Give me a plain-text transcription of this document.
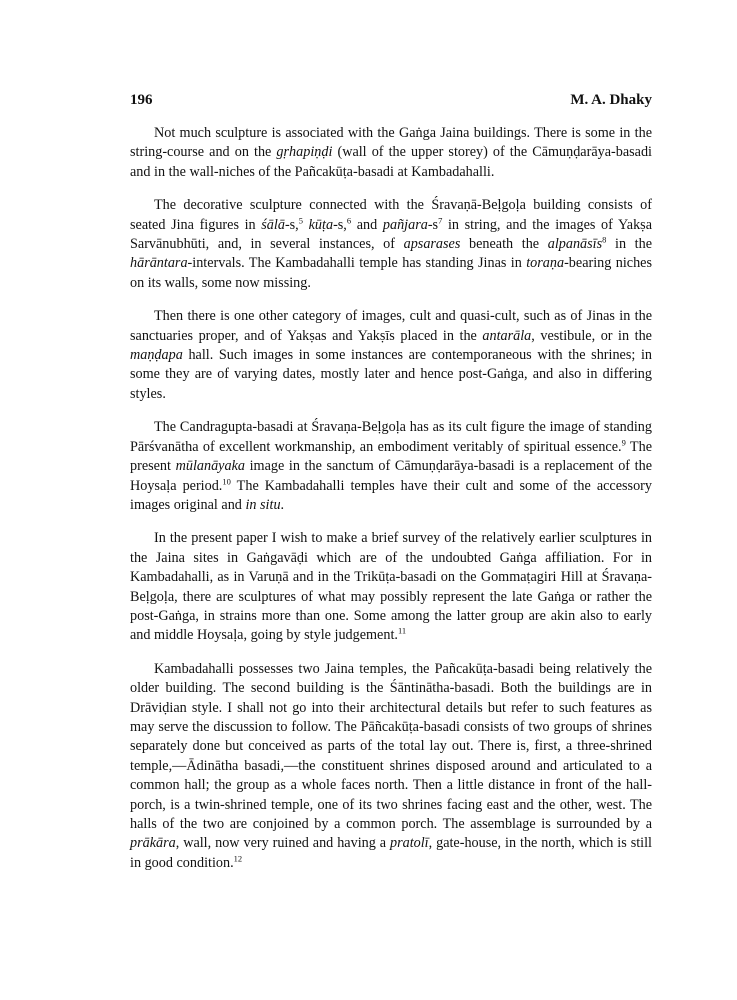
196	M. A. Dhaky

Not much sculpture is associated with the Gaṅga Jaina buildings. There is some in the string-course and on the gṛhapiṇḍi (wall of the upper storey) of the Cāmuṇḍarāya-basadi and in the wall-niches of the Pañcakūṭa-basadi at Kambadahalli.

The decorative sculpture connected with the Śravaṇā-Beḷgoḷa building consists of seated Jina figures in śālā-s,$^5$ kūṭa-s,$^6$ and pañjara-$s^7$ in string, and the images of Yakṣa Sarvānubhūti, and, in several instances, of apsarases beneath the alpanāsīs$^8$ in the hārāntara-intervals. The Kambadahalli temple has standing Jinas in toraṇa-bearing niches on its walls, some now missing.

Then there is one other category of images, cult and quasi-cult, such as of Jinas in the sanctuaries proper, and of Yakṣas and Yakṣīs placed in the antarāla, vestibule, or in the maṇḍapa hall. Such images in some instances are contemporaneous with the shrines; in some they are of varying dates, mostly later and hence post-Gaṅga, and also in differing styles.

The Candragupta-basadi at Śravaṇa-Beḷgoḷa has as its cult figure the image of standing Pārśvanātha of excellent workmanship, an embodiment veritably of spiritual essence.$^9$ The present mūlanāyaka image in the sanctum of Cāmuṇḍarāya-basadi is a replacement of the Hoysaḷa period.$^{10}$ The Kambadahalli temples have their cult and some of the accessory images original and in situ.

In the present paper I wish to make a brief survey of the relatively earlier sculptures in the Jaina sites in Gaṅgavāḍi which are of the undoubted Gaṅga affiliation. For in Kambadahalli, as in Varuṇā and in the Trikūṭa-basadi on the Gommaṭagiri Hill at Śravaṇa-Beḷgoḷa, there are sculptures of what may possibly represent the late Gaṅga or rather the post-Gaṅga, in strains more than one. Some among the latter group are akin also to early and middle Hoysaḷa, going by style judgement.$^{11}$

Kambadahalli possesses two Jaina temples, the Pañcakūṭa-basadi being relatively the older building. The second building is the Śāntinātha-basadi. Both the buildings are in Drāviḍian style. I shall not go into their architectural details but refer to such features as may serve the discussion to follow. The Pāñcakūṭa-basadi consists of two groups of shrines separately done but conceived as parts of the total lay out. There is, first, a three-shrined temple,—Ādinātha basadi,—the constituent shrines disposed around and articulated to a common hall; the group as a whole faces north. Then a little distance in front of the hall-porch, is a twin-shrined temple, one of its two shrines facing east and the other, west. The halls of the two are conjoined by a common porch. The assemblage is surrounded by a prākāra, wall, now very ruined and having a pratolī, gate-house, in the north, which is still in good condition.$^{12}$
